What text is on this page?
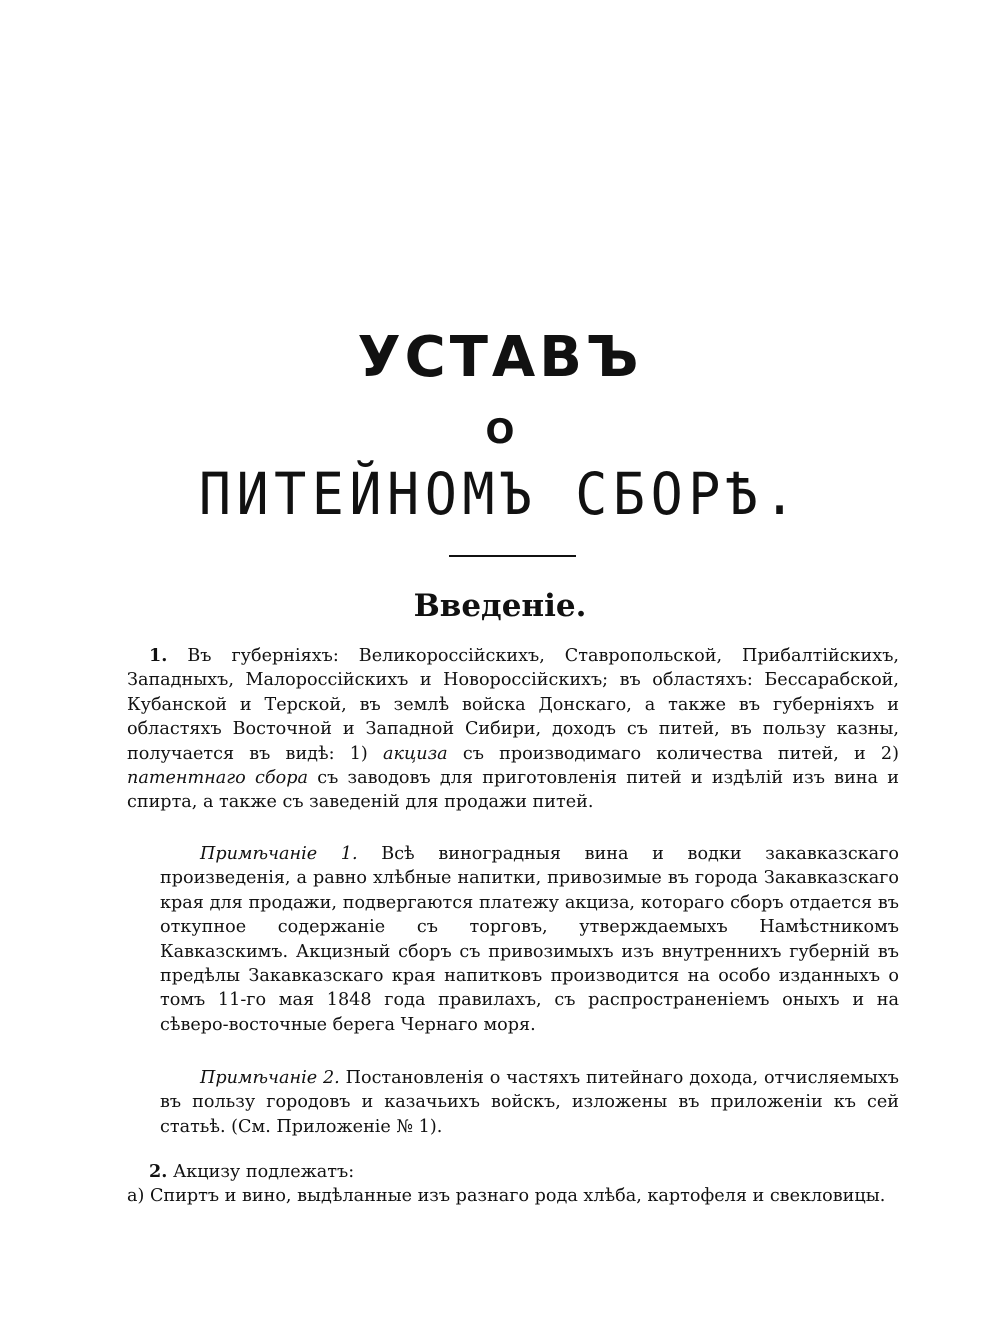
УСТАВЪ
О
ПИТЕЙНОМЪ СБОРѢ.
Введеніе.
1. Въ губерніяхъ: Великороссійскихъ, Ставропольской, Прибалтійскихъ, Западныхъ, Малороссійскихъ и Новороссійскихъ; въ областяхъ: Бессарабской, Кубанской и Терской, въ землѣ войска Донскаго, а также въ губерніяхъ и областяхъ Восточной и Западной Сибири, доходъ съ питей, въ пользу казны, получается въ видѣ: 1) акциза съ производимаго количества питей, и 2) патентнаго сбора съ заводовъ для приготовленія питей и издѣлій изъ вина и спирта, а также съ заведеній для продажи питей.
Примѣчаніе 1. Всѣ виноградныя вина и водки закавказскаго произведенія, а равно хлѣбные напитки, привозимые въ города Закавказскаго края для продажи, подвергаются платежу акциза, котораго сборъ отдается въ откупное содержаніе съ торговъ, утверждаемыхъ Намѣстникомъ Кавказскимъ. Акцизный сборъ съ привозимыхъ изъ внутреннихъ губерній въ предѣлы Закавказскаго края напитковъ производится на особо изданныхъ о томъ 11-го мая 1848 года правилахъ, съ распространеніемъ оныхъ и на сѣверо-восточные берега Чернаго моря.
Примѣчаніе 2. Постановленія о частяхъ питейнаго дохода, отчисляемыхъ въ пользу городовъ и казачьихъ войскъ, изложены въ приложеніи къ сей статьѣ. (См. Приложеніе № 1).
2. Акцизу подлежатъ:
а) Спиртъ и вино, выдѣланные изъ разнаго рода хлѣба, картофеля и свекловицы.
